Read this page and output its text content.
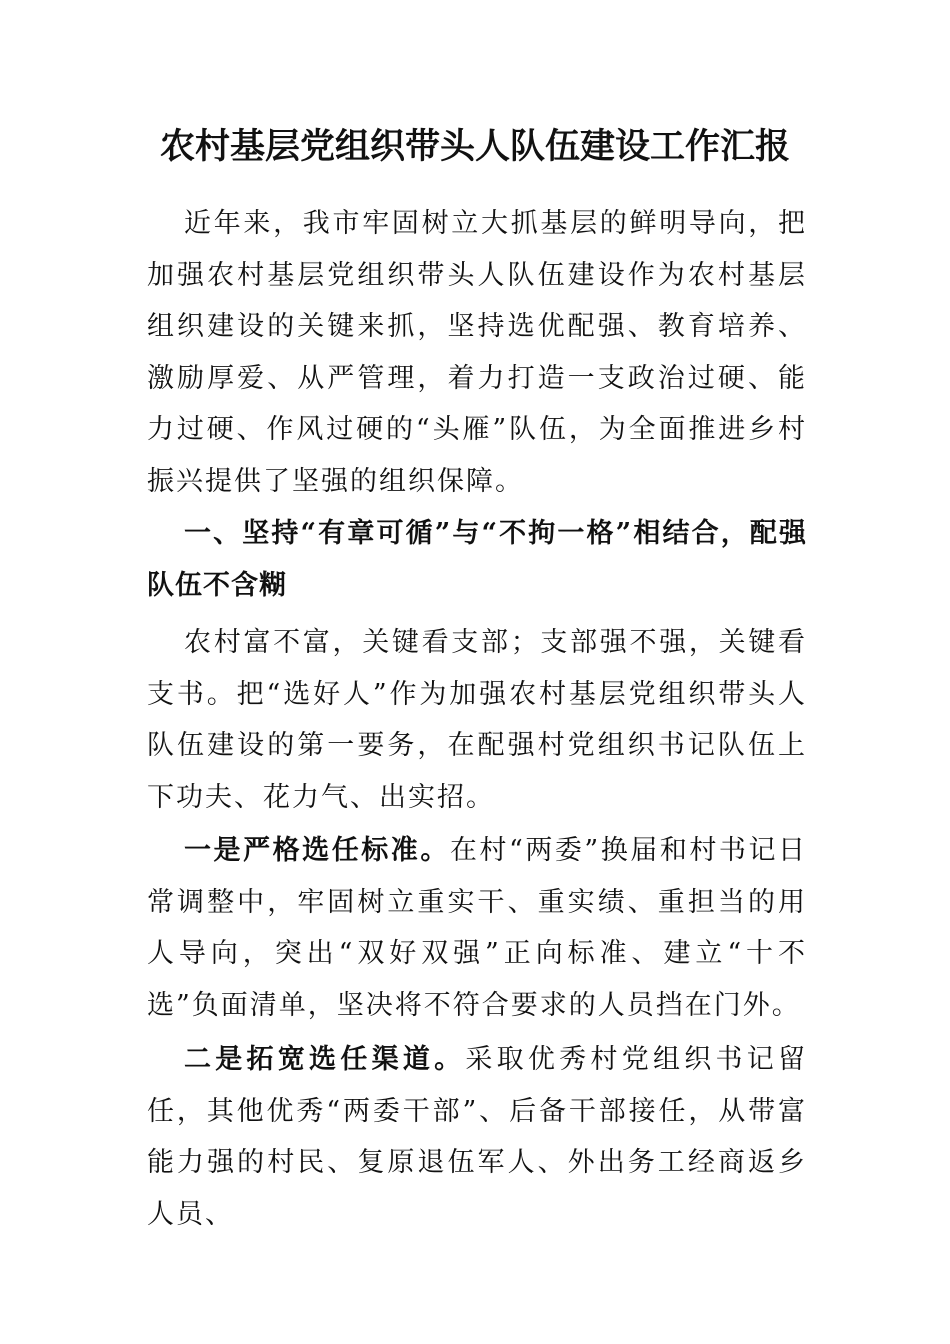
农村基层党组织带头人队伍建设工作汇报

近年来，我市牢固树立大抓基层的鲜明导向，把加强农村基层党组织带头人队伍建设作为农村基层组织建设的关键来抓，坚持选优配强、教育培养、激励厚爱、从严管理，着力打造一支政治过硬、能力过硬、作风过硬的“头雁”队伍，为全面推进乡村振兴提供了坚强的组织保障。

一、坚持“有章可循”与“不拘一格”相结合，配强队伍不含糊

农村富不富，关键看支部；支部强不强，关键看支书。把“选好人”作为加强农村基层党组织带头人队伍建设的第一要务，在配强村党组织书记队伍上下功夫、花力气、出实招。

一是严格选任标准。在村“两委”换届和村书记日常调整中，牢固树立重实干、重实绩、重担当的用人导向，突出“双好双强”正向标准、建立“十不选”负面清单，坚决将不符合要求的人员挡在门外。

二是拓宽选任渠道。采取优秀村党组织书记留任，其他优秀“两委干部”、后备干部接任，从带富能力强的村民、复原退伍军人、外出务工经商返乡人员、
